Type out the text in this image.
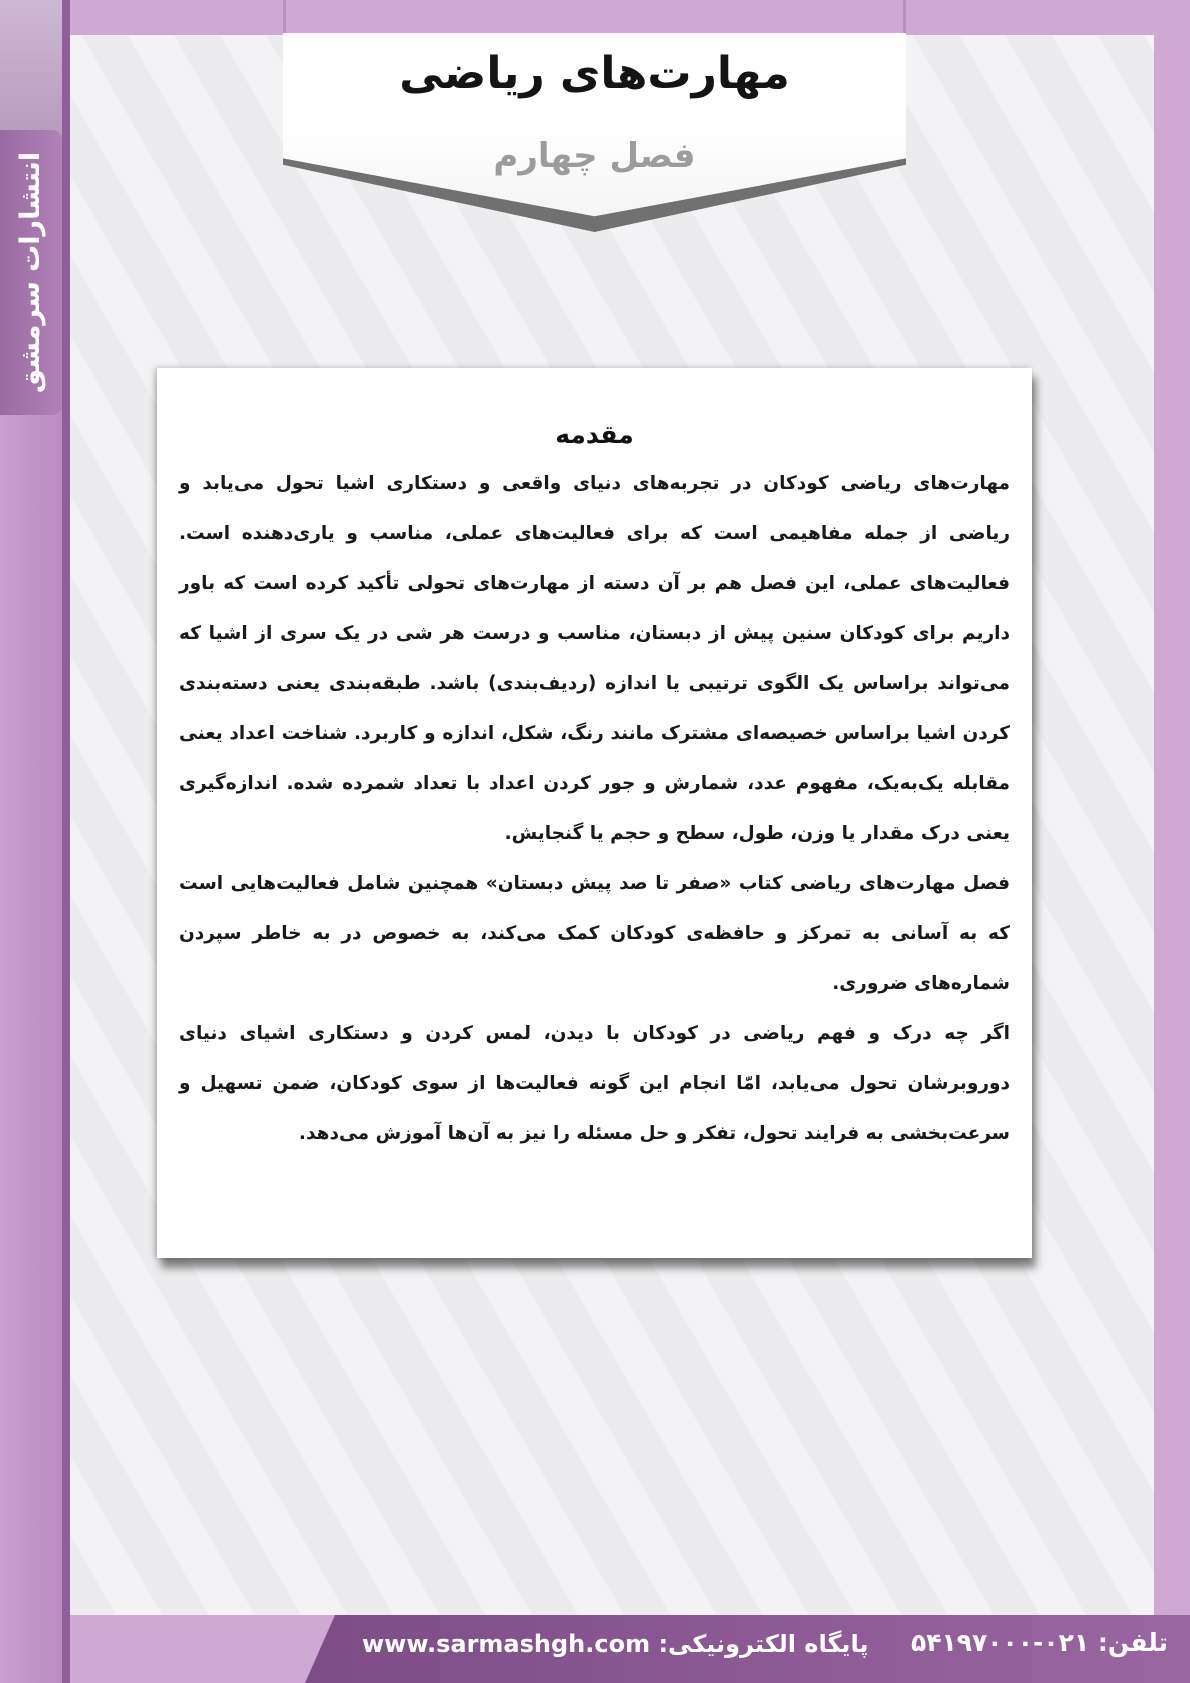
انتشارات سرمشق
مهارت‌های ریاضی
فصل چهارم
مقدمه

مهارت‌های ریاضی کودکان در تجربه‌های دنیای واقعی و دستکاری اشیا تحول می‌یابد و ریاضی از جمله مفاهیمی است که برای فعالیت‌های عملی، مناسب و یاری‌دهنده است. فعالیت‌های عملی، این فصل هم بر آن دسته از مهارت‌های تحولی تأکید کرده است که باور داریم برای کودکان سنین پیش از دبستان، مناسب و درست هر شی در یک سری از اشیا که می‌تواند براساس یک الگوی ترتیبی یا اندازه (ردیف‌بندی) باشد. طبقه‌بندی یعنی دسته‌بندی کردن اشیا براساس خصیصه‌ای مشترک مانند رنگ، شکل، اندازه و کاربرد. شناخت اعداد یعنی مقابله یک‌به‌یک، مفهوم عدد، شمارش و جور کردن اعداد با تعداد شمرده شده. اندازه‌گیری یعنی درک مقدار یا وزن، طول، سطح و حجم یا گنجایش.

فصل مهارت‌های ریاضی کتاب «صفر تا صد پیش دبستان» همچنین شامل فعالیت‌هایی است که به آسانی به تمرکز و حافظه‌ی کودکان کمک می‌کند، به خصوص در به خاطر سپردن شماره‌های ضروری.

اگر چه درک و فهم ریاضی در کودکان با دیدن، لمس کردن و دستکاری اشیای دنیای دوروبرشان تحول می‌یابد، امّا انجام این گونه فعالیت‌ها از سوی کودکان، ضمن تسهیل و سرعت‌بخشی به فرایند تحول، تفکر و حل مسئله را نیز به آن‌ها آموزش می‌دهد.

تلفن: ۰۲۱-۵۴۱۹۷۰۰۰
پایگاه الکترونیکی: www.sarmashgh.com
